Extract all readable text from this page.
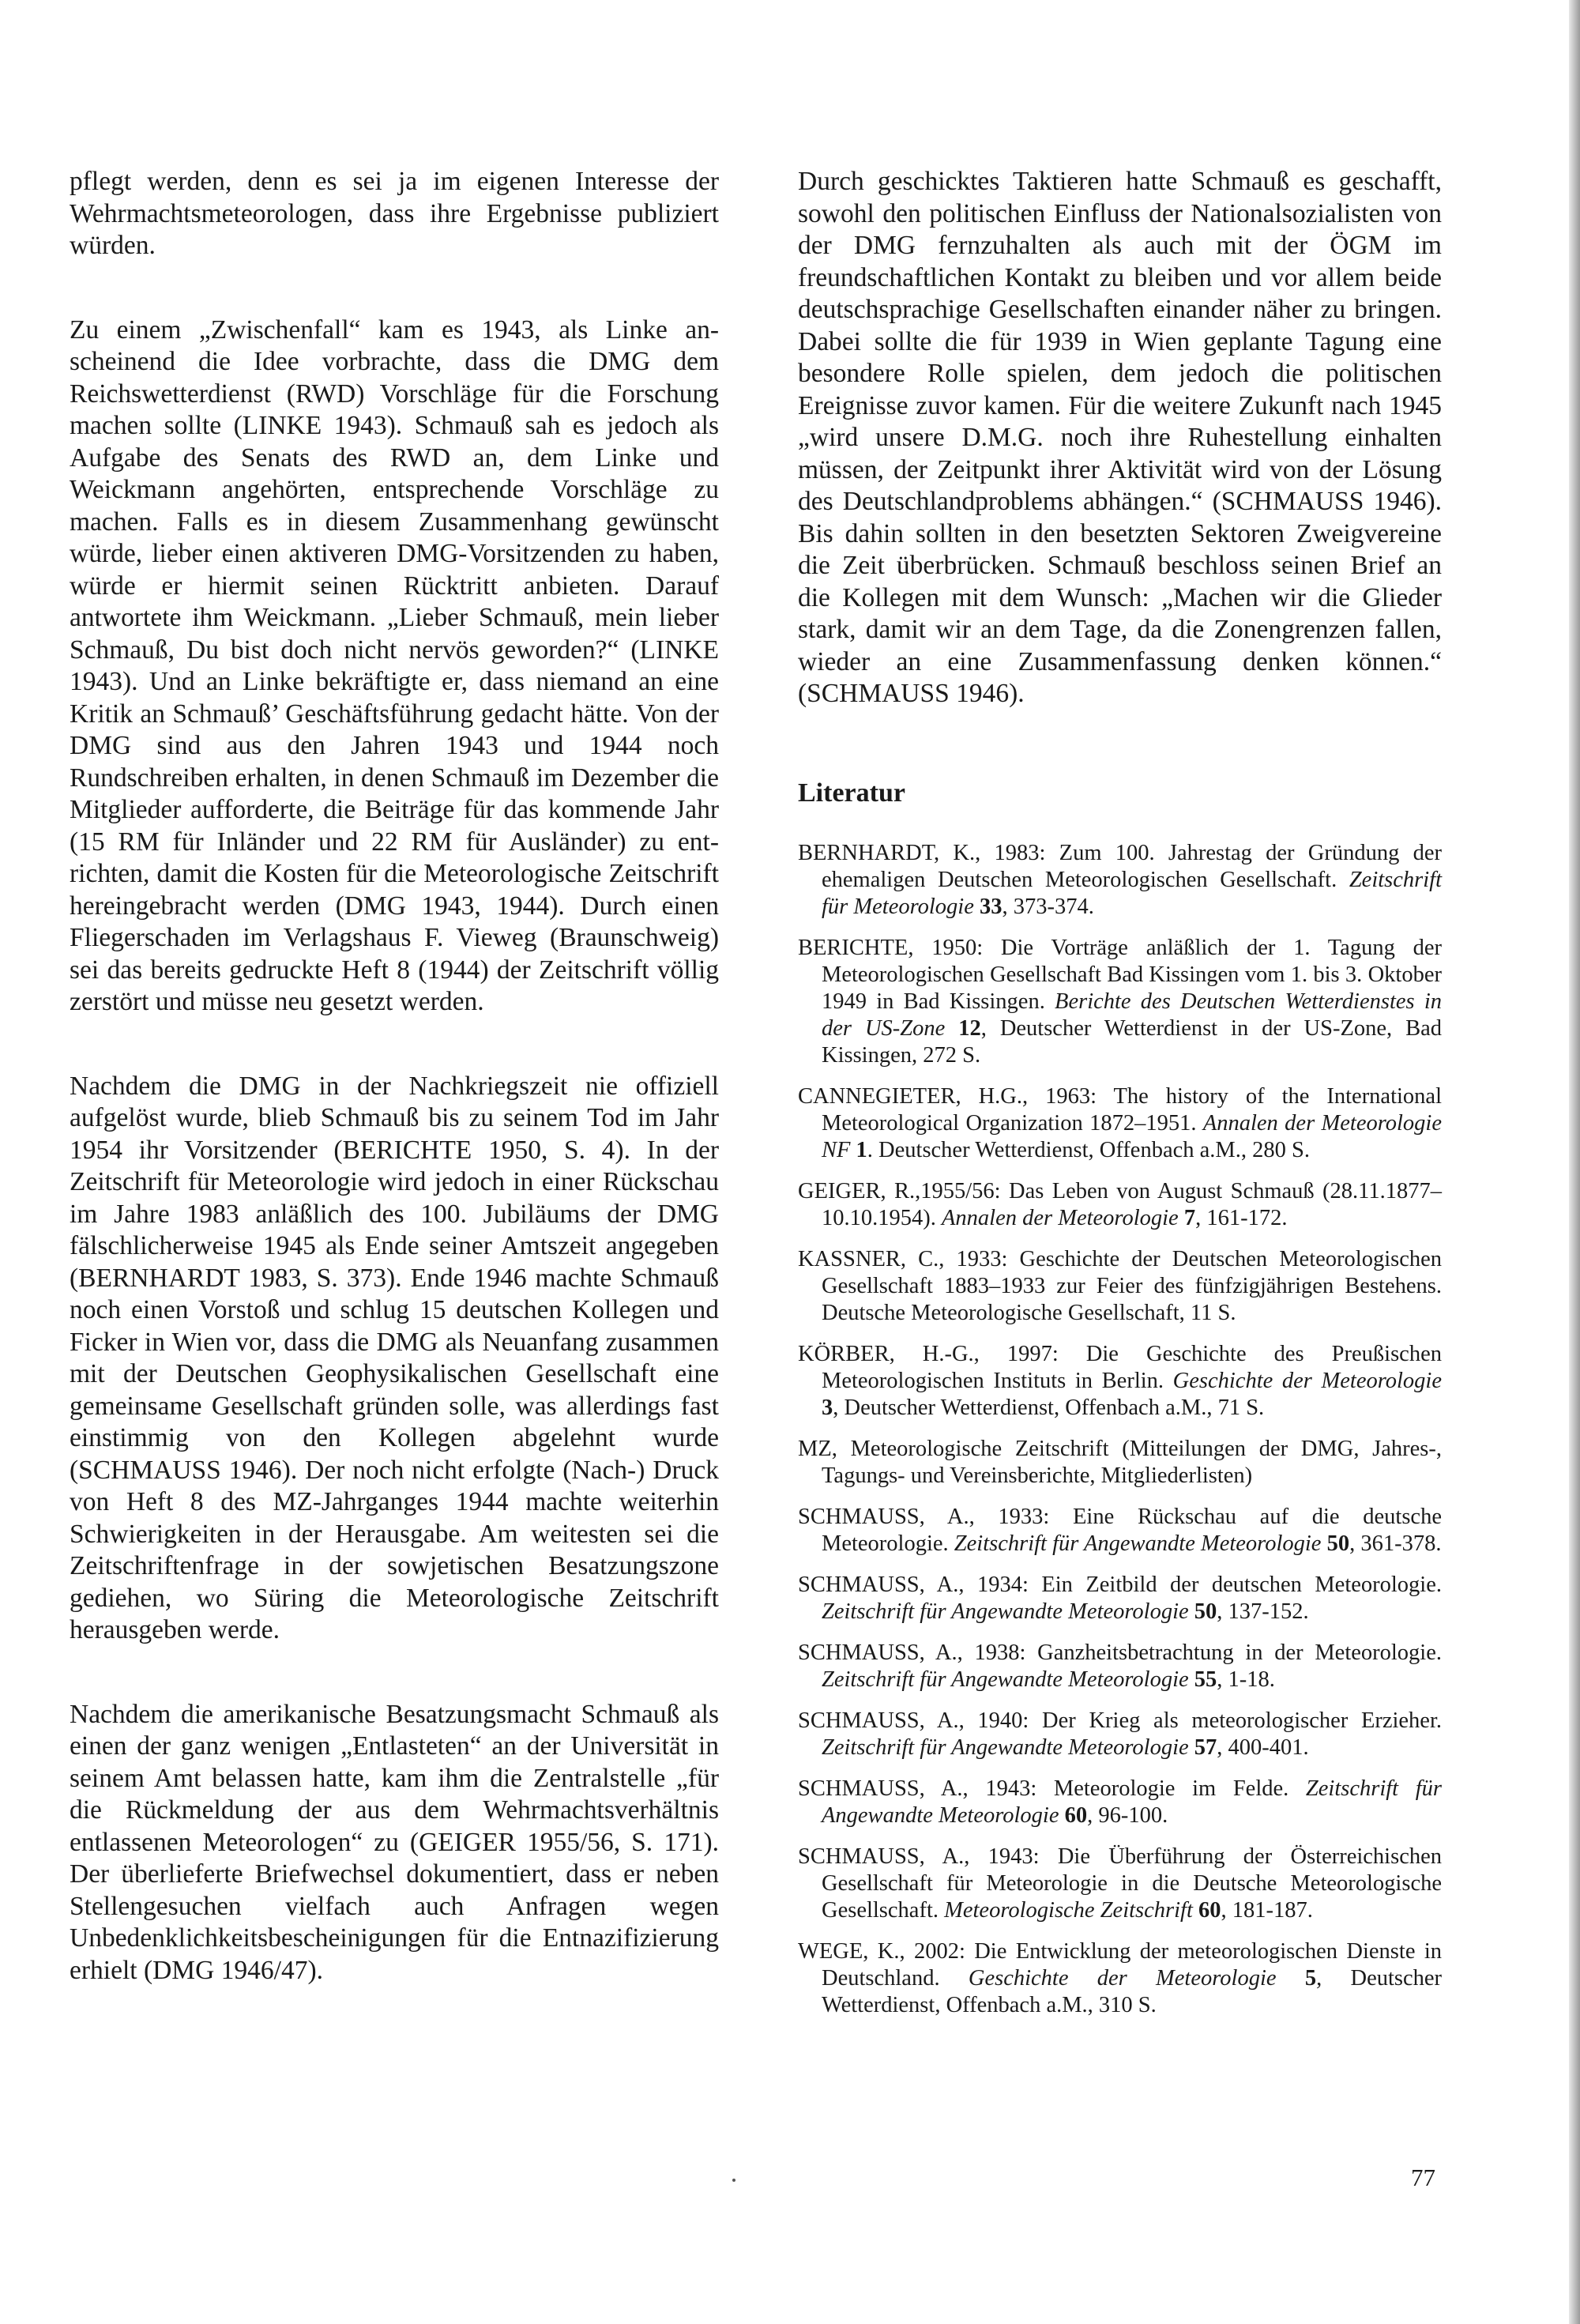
pflegt werden, denn es sei ja im eigenen Interesse der Wehrmachtsmeteorologen, dass ihre Ergebnisse publiziert würden.

Zu einem „Zwischenfall“ kam es 1943, als Linke anscheinend die Idee vorbrachte, dass die DMG dem Reichswetterdienst (RWD) Vorschläge für die Forschung machen sollte (LINKE 1943). Schmauß sah es jedoch als Aufgabe des Senats des RWD an, dem Linke und Weickmann angehörten, entsprechende Vorschläge zu machen. Falls es in diesem Zusammenhang gewünscht würde, lieber einen aktiveren DMG-Vorsitzenden zu haben, würde er hiermit seinen Rücktritt anbieten. Darauf antwortete ihm Weickmann. „Lieber Schmauß, mein lieber Schmauß, Du bist doch nicht nervös geworden?“ (LINKE 1943). Und an Linke bekräftigte er, dass niemand an eine Kritik an Schmauß’ Geschäftsführung gedacht hätte. Von der DMG sind aus den Jahren 1943 und 1944 noch Rundschreiben erhalten, in denen Schmauß im Dezember die Mitglieder aufforderte, die Beiträge für das kommende Jahr (15 RM für Inländer und 22 RM für Ausländer) zu entrichten, damit die Kosten für die Meteorologische Zeitschrift hereingebracht werden (DMG 1943, 1944). Durch einen Fliegerschaden im Verlagshaus F. Vieweg (Braunschweig) sei das bereits gedruckte Heft 8 (1944) der Zeitschrift völlig zerstört und müsse neu gesetzt werden.

Nachdem die DMG in der Nachkriegszeit nie offiziell aufgelöst wurde, blieb Schmauß bis zu seinem Tod im Jahr 1954 ihr Vorsitzender (BERICHTE 1950, S. 4). In der Zeitschrift für Meteorologie wird jedoch in einer Rückschau im Jahre 1983 anläßlich des 100. Jubiläums der DMG fälschlicherweise 1945 als Ende seiner Amtszeit angegeben (BERNHARDT 1983, S. 373). Ende 1946 machte Schmauß noch einen Vorstoß und schlug 15 deutschen Kollegen und Ficker in Wien vor, dass die DMG als Neuanfang zusammen mit der Deutschen Geophysikalischen Gesellschaft eine gemeinsame Gesellschaft gründen solle, was allerdings fast einstimmig von den Kollegen abgelehnt wurde (SCHMAUSS 1946). Der noch nicht erfolgte (Nach-) Druck von Heft 8 des MZ-Jahrganges 1944 machte weiterhin Schwierigkeiten in der Herausgabe. Am weitesten sei die Zeitschriftenfrage in der sowjetischen Besatzungszone gediehen, wo Süring die Meteorologische Zeitschrift herausgeben werde.

Nachdem die amerikanische Besatzungsmacht Schmauß als einen der ganz wenigen „Entlasteten“ an der Universität in seinem Amt belassen hatte, kam ihm die Zentralstelle „für die Rückmeldung der aus dem Wehrmachtsverhältnis entlassenen Meteorologen“ zu (GEIGER 1955/56, S. 171). Der überlieferte Briefwechsel dokumentiert, dass er neben Stellengesuchen vielfach auch Anfragen wegen Unbedenklichkeitsbescheinigungen für die Entnazifizierung erhielt (DMG 1946/47).

Durch geschicktes Taktieren hatte Schmauß es geschafft, sowohl den politischen Einfluss der Nationalsozialisten von der DMG fernzuhalten als auch mit der ÖGM im freundschaftlichen Kontakt zu bleiben und vor allem beide deutschsprachige Gesellschaften einander näher zu bringen. Dabei sollte die für 1939 in Wien geplante Tagung eine besondere Rolle spielen, dem jedoch die politischen Ereignisse zuvor kamen. Für die weitere Zukunft nach 1945 „wird unsere D.M.G. noch ihre Ruhestellung einhalten müssen, der Zeitpunkt ihrer Aktivität wird von der Lösung des Deutschlandproblems abhängen.“ (SCHMAUSS 1946). Bis dahin sollten in den besetzten Sektoren Zweigvereine die Zeit überbrücken. Schmauß beschloss seinen Brief an die Kollegen mit dem Wunsch: „Machen wir die Glieder stark, damit wir an dem Tage, da die Zonengrenzen fallen, wieder an eine Zusammenfassung denken können.“ (SCHMAUSS 1946).

Literatur

BERNHARDT, K., 1983: Zum 100. Jahrestag der Gründung der ehemaligen Deutschen Meteorologischen Gesellschaft. Zeitschrift für Meteorologie 33, 373-374.

BERICHTE, 1950: Die Vorträge anläßlich der 1. Tagung der Meteorologischen Gesellschaft Bad Kissingen vom 1. bis 3. Oktober 1949 in Bad Kissingen. Berichte des Deutschen Wetterdienstes in der US-Zone 12, Deutscher Wetterdienst in der US-Zone, Bad Kissingen, 272 S.

CANNEGIETER, H.G., 1963: The history of the International Meteorological Organization 1872–1951. Annalen der Meteorologie NF 1. Deutscher Wetterdienst, Offenbach a.M., 280 S.

GEIGER, R.,1955/56: Das Leben von August Schmauß (28.11.1877–10.10.1954). Annalen der Meteorologie 7, 161-172.

KASSNER, C., 1933: Geschichte der Deutschen Meteorologischen Gesellschaft 1883–1933 zur Feier des fünfzigjährigen Bestehens. Deutsche Meteorologische Gesellschaft, 11 S.

KÖRBER, H.-G., 1997: Die Geschichte des Preußischen Meteorologischen Instituts in Berlin. Geschichte der Meteorologie 3, Deutscher Wetterdienst, Offenbach a.M., 71 S.

MZ, Meteorologische Zeitschrift (Mitteilungen der DMG, Jahres-, Tagungs- und Vereinsberichte, Mitgliederlisten)

SCHMAUSS, A., 1933: Eine Rückschau auf die deutsche Meteorologie. Zeitschrift für Angewandte Meteorologie 50, 361-378.

SCHMAUSS, A., 1934: Ein Zeitbild der deutschen Meteorologie. Zeitschrift für Angewandte Meteorologie 50, 137-152.

SCHMAUSS, A., 1938: Ganzheitsbetrachtung in der Meteorologie. Zeitschrift für Angewandte Meteorologie 55, 1-18.

SCHMAUSS, A., 1940: Der Krieg als meteorologischer Erzieher. Zeitschrift für Angewandte Meteorologie 57, 400-401.

SCHMAUSS, A., 1943: Meteorologie im Felde. Zeitschrift für Angewandte Meteorologie 60, 96-100.

SCHMAUSS, A., 1943: Die Überführung der Österreichischen Gesellschaft für Meteorologie in die Deutsche Meteorologische Gesellschaft. Meteorologische Zeitschrift 60, 181-187.

WEGE, K., 2002: Die Entwicklung der meteorologischen Dienste in Deutschland. Geschichte der Meteorologie 5, Deutscher Wetterdienst, Offenbach a.M., 310 S.

77
